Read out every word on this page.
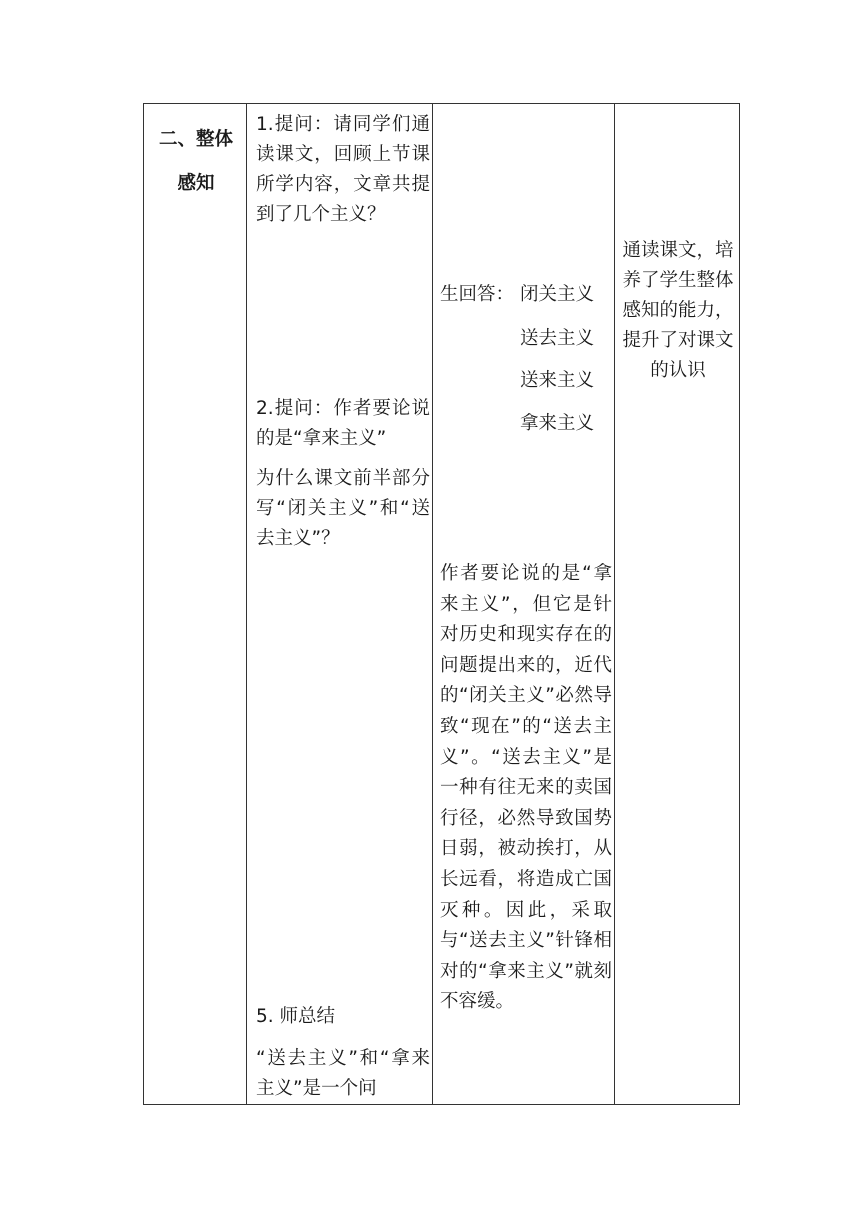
二、整体
感知
1.提问：请同学们通读课文，回顾上节课所学内容，文章共提到了几个主义？
2.提问：作者要论说的是“拿来主义”
为什么课文前半部分写“闭关主义”和“送去主义”？
5. 师总结
“送去主义”和“拿来主义”是一个问
生回答： 闭关主义
送去主义
送来主义
拿来主义
作者要论说的是“拿来主义”，但它是针对历史和现实存在的问题提出来的，近代的“闭关主义”必然导致“现在”的“送去主义”。“送去主义”是一种有往无来的卖国行径，必然导致国势日弱，被动挨打，从长远看，将造成亡国灭种。因此，采取与“送去主义”针锋相对的“拿来主义”就刻不容缓。
通读课文，培养了学生整体感知的能力，提升了对课文的认识
